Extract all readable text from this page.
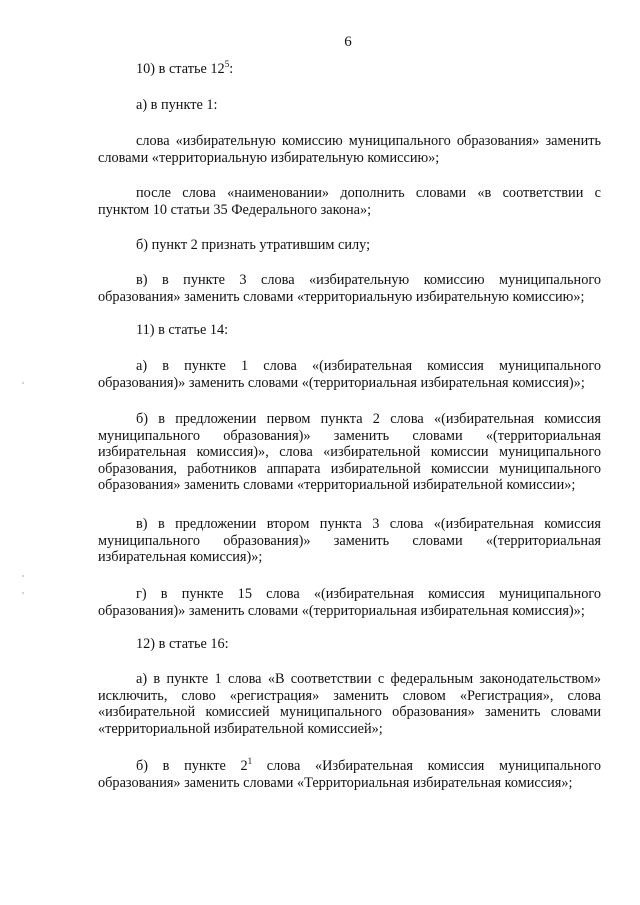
6

10) в статье $12^5$:

а) в пункте 1:

слова «избирательную комиссию муниципального образования» заменить словами «территориальную избирательную комиссию»;

после слова «наименовании» дополнить словами «в соответствии с пунктом 10 статьи 35 Федерального закона»;

б) пункт 2 признать утратившим силу;

в) в пункте 3 слова «избирательную комиссию муниципального образования» заменить словами «территориальную избирательную комиссию»;

11) в статье 14:

а) в пункте 1 слова «(избирательная комиссия муниципального образования)» заменить словами «(территориальная избирательная комиссия)»;

б) в предложении первом пункта 2 слова «(избирательная комиссия муниципального образования)» заменить словами «(территориальная избирательная комиссия)», слова «избирательной комиссии муниципального образования, работников аппарата избирательной комиссии муниципального образования» заменить словами «территориальной избирательной комиссии»;

в) в предложении втором пункта 3 слова «(избирательная комиссия муниципального образования)» заменить словами «(территориальная избирательная комиссия)»;

г) в пункте 15 слова «(избирательная комиссия муниципального образования)» заменить словами «(территориальная избирательная комиссия)»;

12) в статье 16:

а) в пункте 1 слова «В соответствии с федеральным законодательством» исключить, слово «регистрация» заменить словом «Регистрация», слова «избирательной комиссией муниципального образования» заменить словами «территориальной избирательной комиссией»;

б) в пункте $2^1$ слова «Избирательная комиссия муниципального образования» заменить словами «Территориальная избирательная комиссия»;
